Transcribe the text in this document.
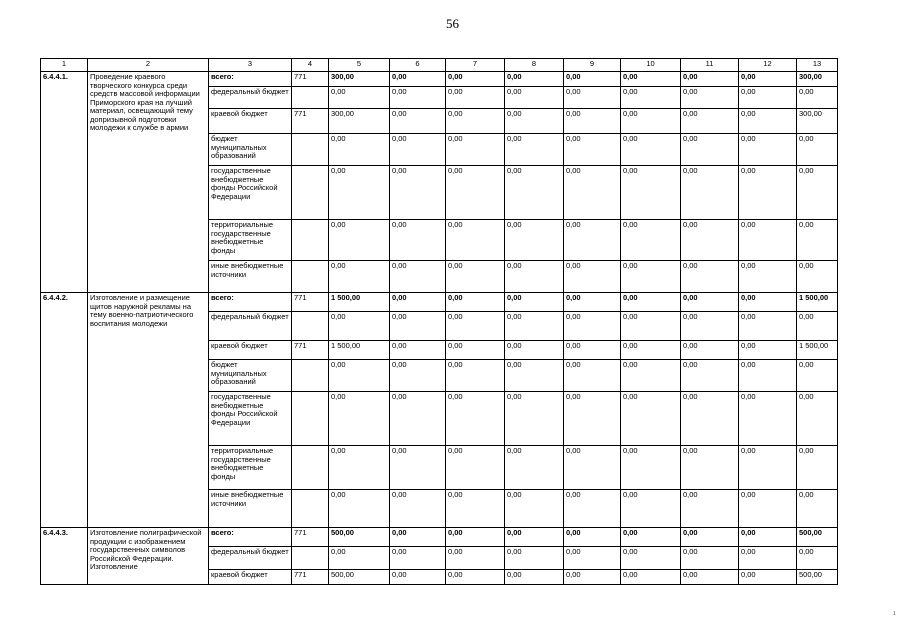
56
1	2	3	4	5	6	7	8	9	10	11	12	13
6.4.4.1.	Проведение краевого творческого конкурса среди средств массовой информации Приморского края на лучший материал, освещающий тему допризывной подготовки молодежи к службе в армии	всего:	771	300,00	0,00	0,00	0,00	0,00	0,00	0,00	0,00	300,00
		федеральный бюджет		0,00	0,00	0,00	0,00	0,00	0,00	0,00	0,00	0,00
		краевой бюджет	771	300,00	0,00	0,00	0,00	0,00	0,00	0,00	0,00	300,00
		бюджет муниципальных образований		0,00	0,00	0,00	0,00	0,00	0,00	0,00	0,00	0,00
		государственные внебюджетные фонды Российской Федерации		0,00	0,00	0,00	0,00	0,00	0,00	0,00	0,00	0,00
		территориальные государственные внебюджетные фонды		0,00	0,00	0,00	0,00	0,00	0,00	0,00	0,00	0,00
		иные внебюджетные источники		0,00	0,00	0,00	0,00	0,00	0,00	0,00	0,00	0,00
6.4.4.2.	Изготовление и размещение щитов наружной рекламы на тему военно-патриотического воспитания молодежи	всего:	771	1 500,00	0,00	0,00	0,00	0,00	0,00	0,00	0,00	1 500,00
		федеральный бюджет		0,00	0,00	0,00	0,00	0,00	0,00	0,00	0,00	0,00
		краевой бюджет	771	1 500,00	0,00	0,00	0,00	0,00	0,00	0,00	0,00	1 500,00
		бюджет муниципальных образований		0,00	0,00	0,00	0,00	0,00	0,00	0,00	0,00	0,00
		государственные внебюджетные фонды Российской Федерации		0,00	0,00	0,00	0,00	0,00	0,00	0,00	0,00	0,00
		территориальные государственные внебюджетные фонды		0,00	0,00	0,00	0,00	0,00	0,00	0,00	0,00	0,00
		иные внебюджетные источники		0,00	0,00	0,00	0,00	0,00	0,00	0,00	0,00	0,00
6.4.4.3.	Изготовление полиграфической продукции с изображением государственных символов Российской Федерации. Изготовление	всего:	771	500,00	0,00	0,00	0,00	0,00	0,00	0,00	0,00	500,00
		федеральный бюджет		0,00	0,00	0,00	0,00	0,00	0,00	0,00	0,00	0,00
		краевой бюджет	771	500,00	0,00	0,00	0,00	0,00	0,00	0,00	0,00	500,00
1
